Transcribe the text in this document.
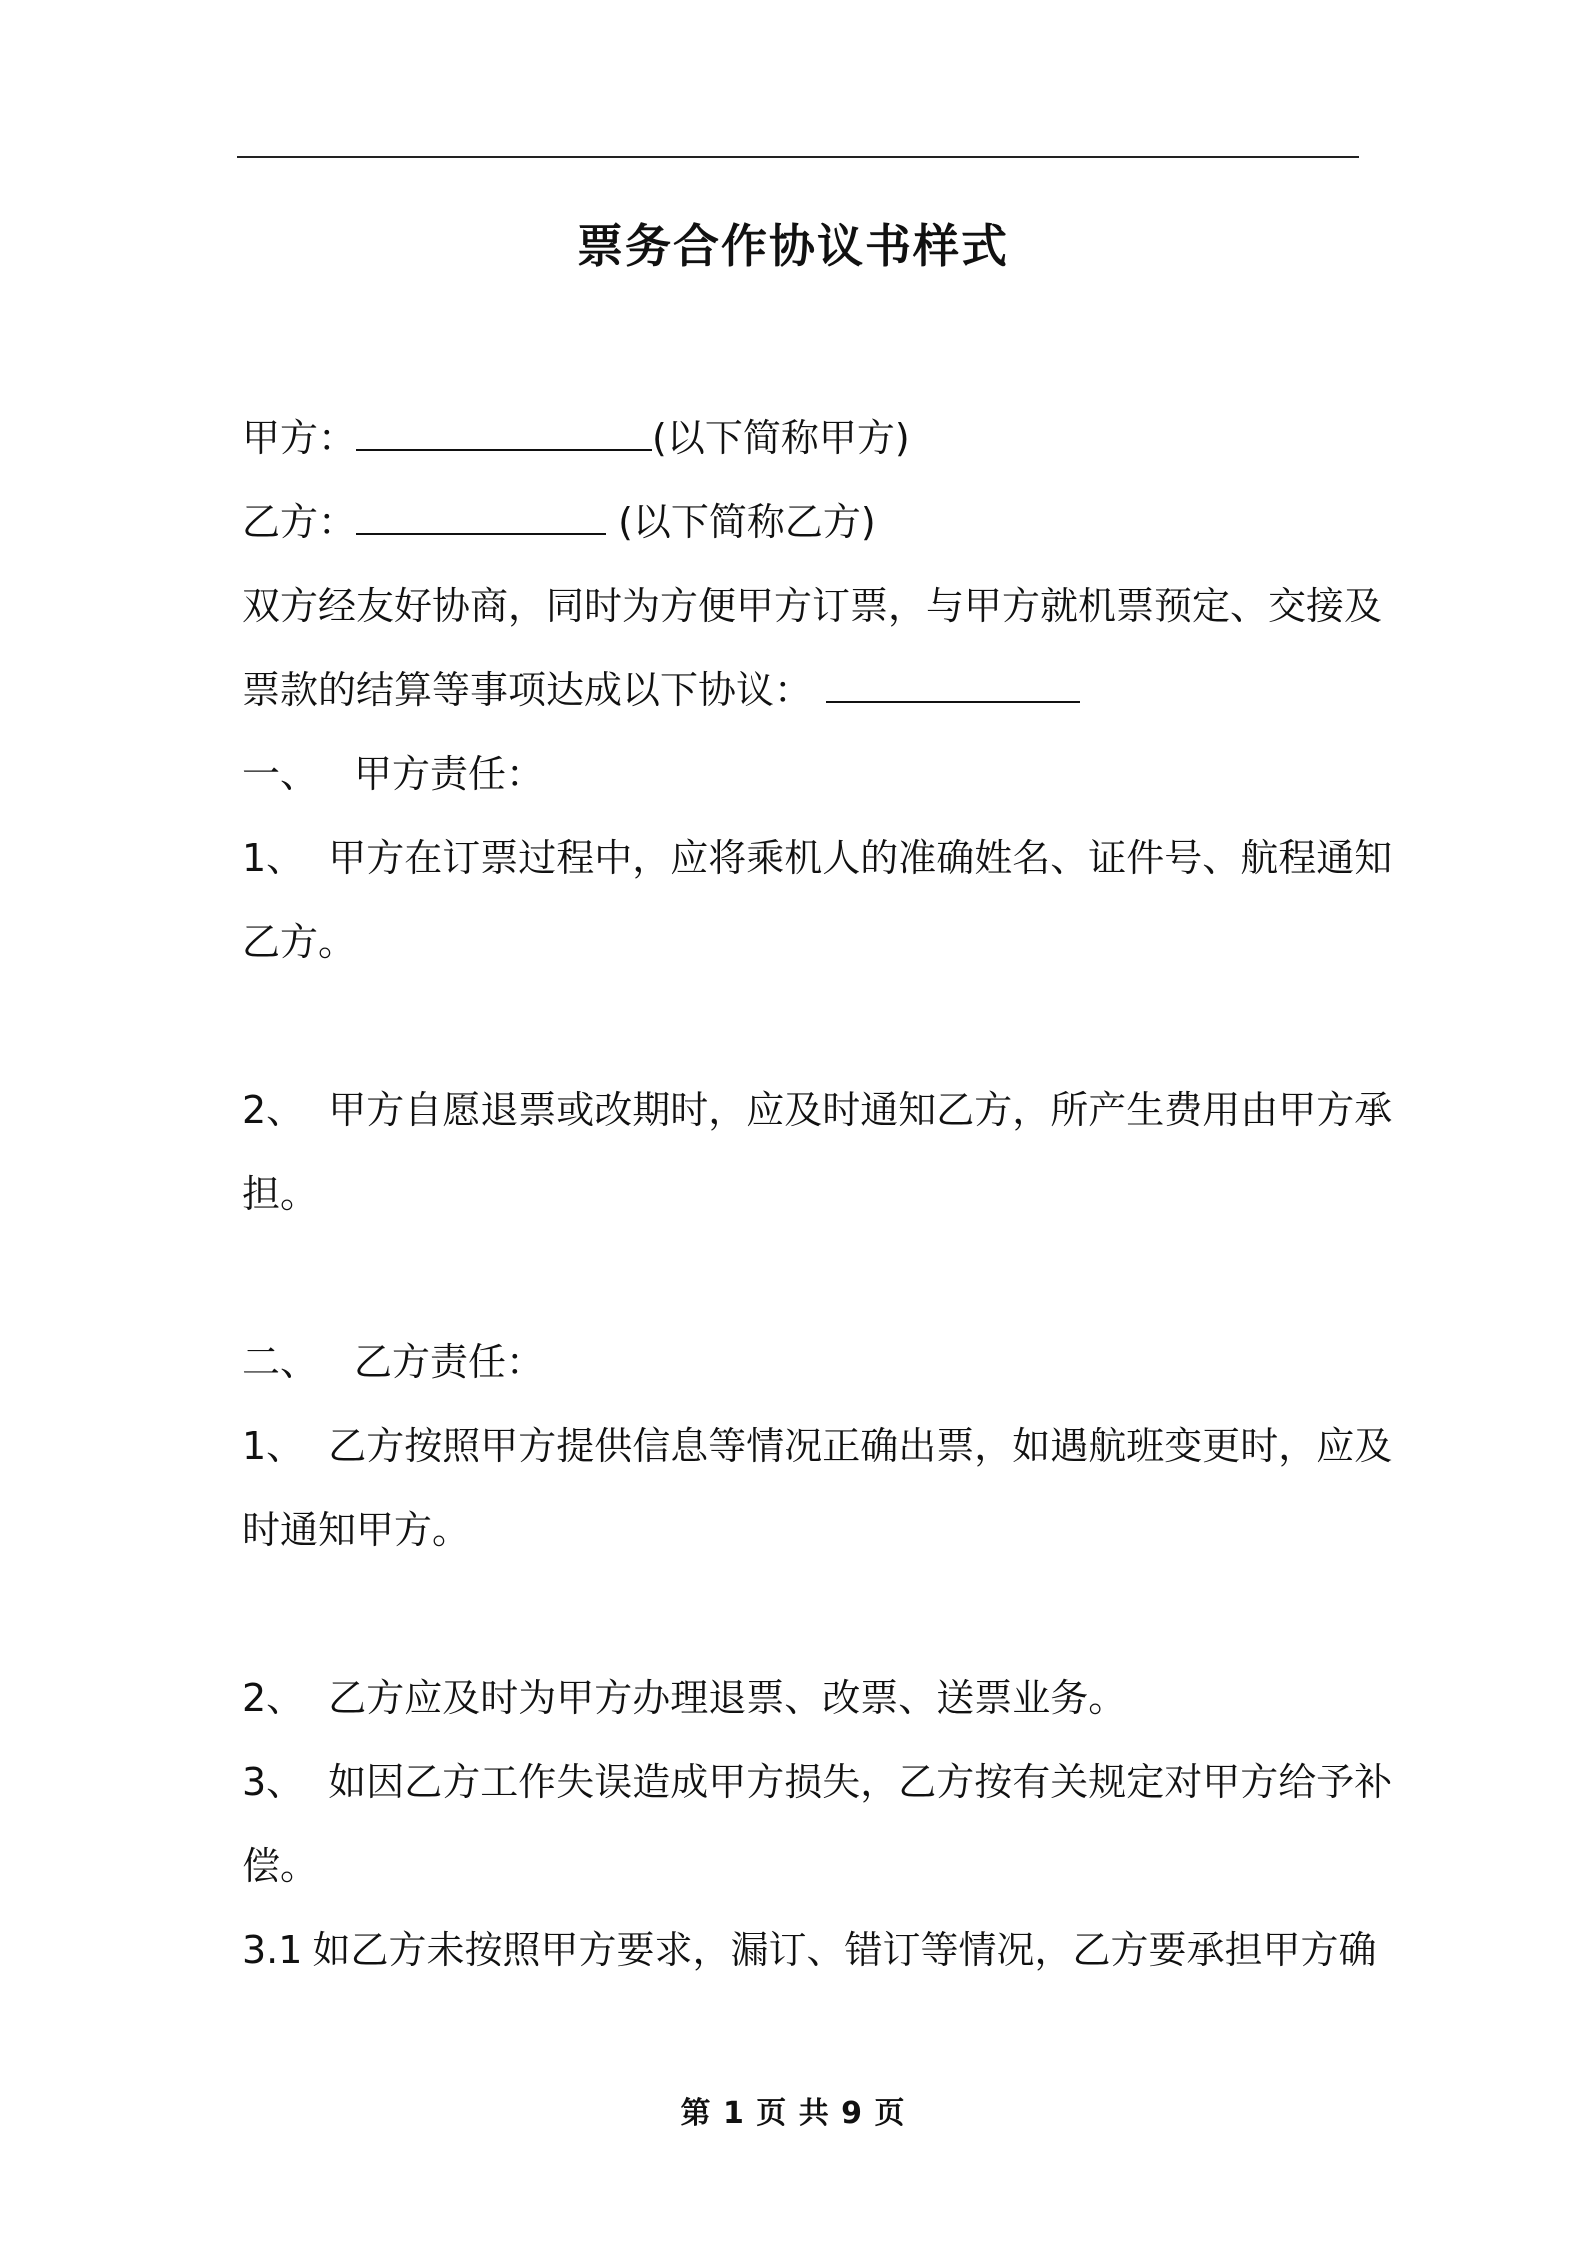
票务合作协议书样式

甲方：	(以下简称甲方)

乙方：	(以下简称乙方)

双方经友好协商，同时为方便甲方订票，与甲方就机票预定、交接及

票款的结算等事项达成以下协议：

一、 甲方责任：

1、 甲方在订票过程中，应将乘机人的准确姓名、证件号、航程通知

乙方。

2、 甲方自愿退票或改期时，应及时通知乙方，所产生费用由甲方承

担。

二、 乙方责任：

1、 乙方按照甲方提供信息等情况正确出票，如遇航班变更时，应及

时通知甲方。

2、 乙方应及时为甲方办理退票、改票、送票业务。

3、 如因乙方工作失误造成甲方损失，乙方按有关规定对甲方给予补

偿。

3.1 如乙方未按照甲方要求，漏订、错订等情况，乙方要承担甲方确

第 1 页 共 9 页
